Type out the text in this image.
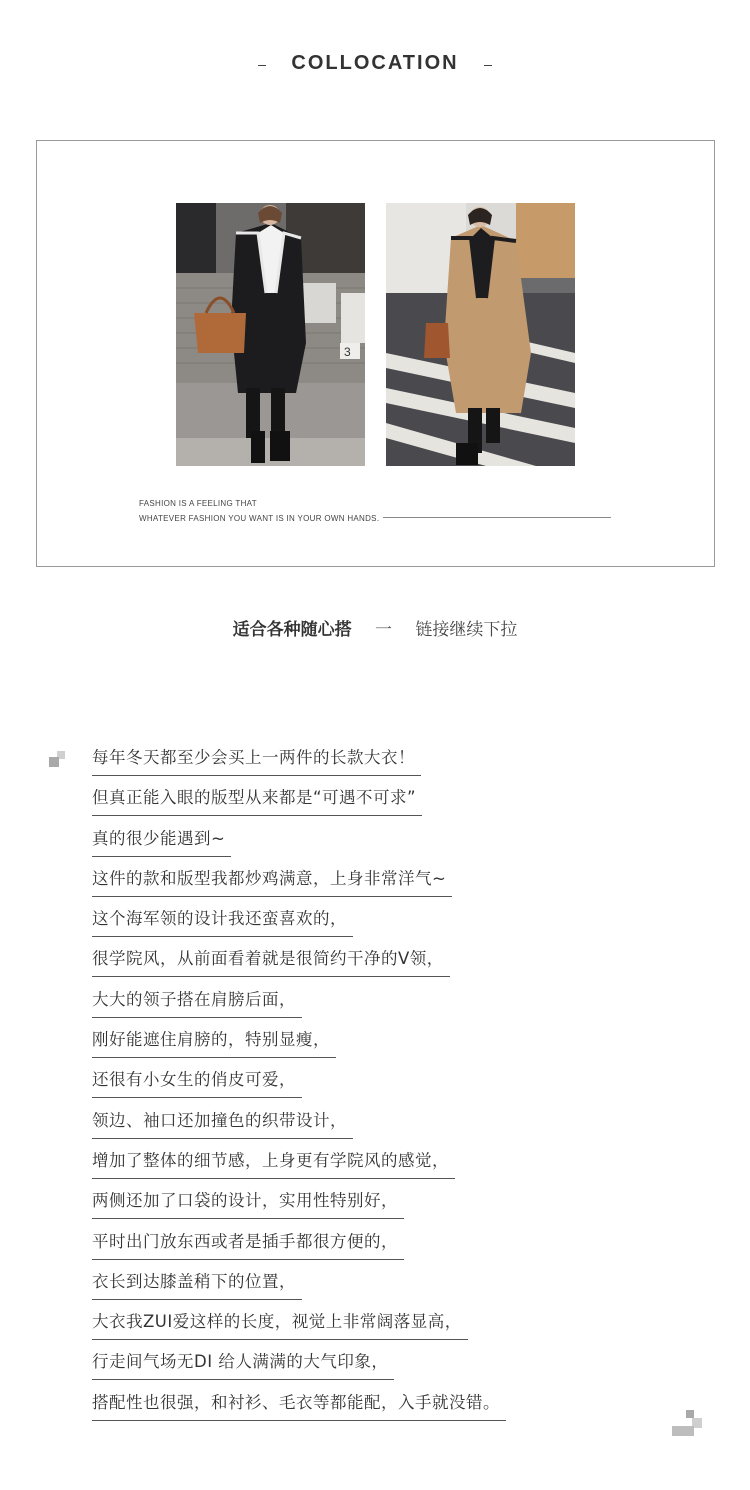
COLLOCATION
3
FASHION IS A FEELING THAT
WHATEVER FASHION YOU WANT IS IN YOUR OWN HANDS.
适合各种随心搭 一 链接继续下拉
每年冬天都至少会买上一两件的长款大衣！
但真正能入眼的版型从来都是“可遇不可求”
真的很少能遇到~
这件的款和版型我都炒鸡满意，上身非常洋气~
这个海军领的设计我还蛮喜欢的，
很学院风，从前面看着就是很简约干净的V领，
大大的领子搭在肩膀后面，
刚好能遮住肩膀的，特别显瘦，
还很有小女生的俏皮可爱，
领边、袖口还加撞色的织带设计，
增加了整体的细节感，上身更有学院风的感觉，
两侧还加了口袋的设计，实用性特别好，
平时出门放东西或者是插手都很方便的，
衣长到达膝盖稍下的位置，
大衣我ZUI爱这样的长度，视觉上非常阔落显高，
行走间气场无DI 给人满满的大气印象，
搭配性也很强，和衬衫、毛衣等都能配，入手就没错。
